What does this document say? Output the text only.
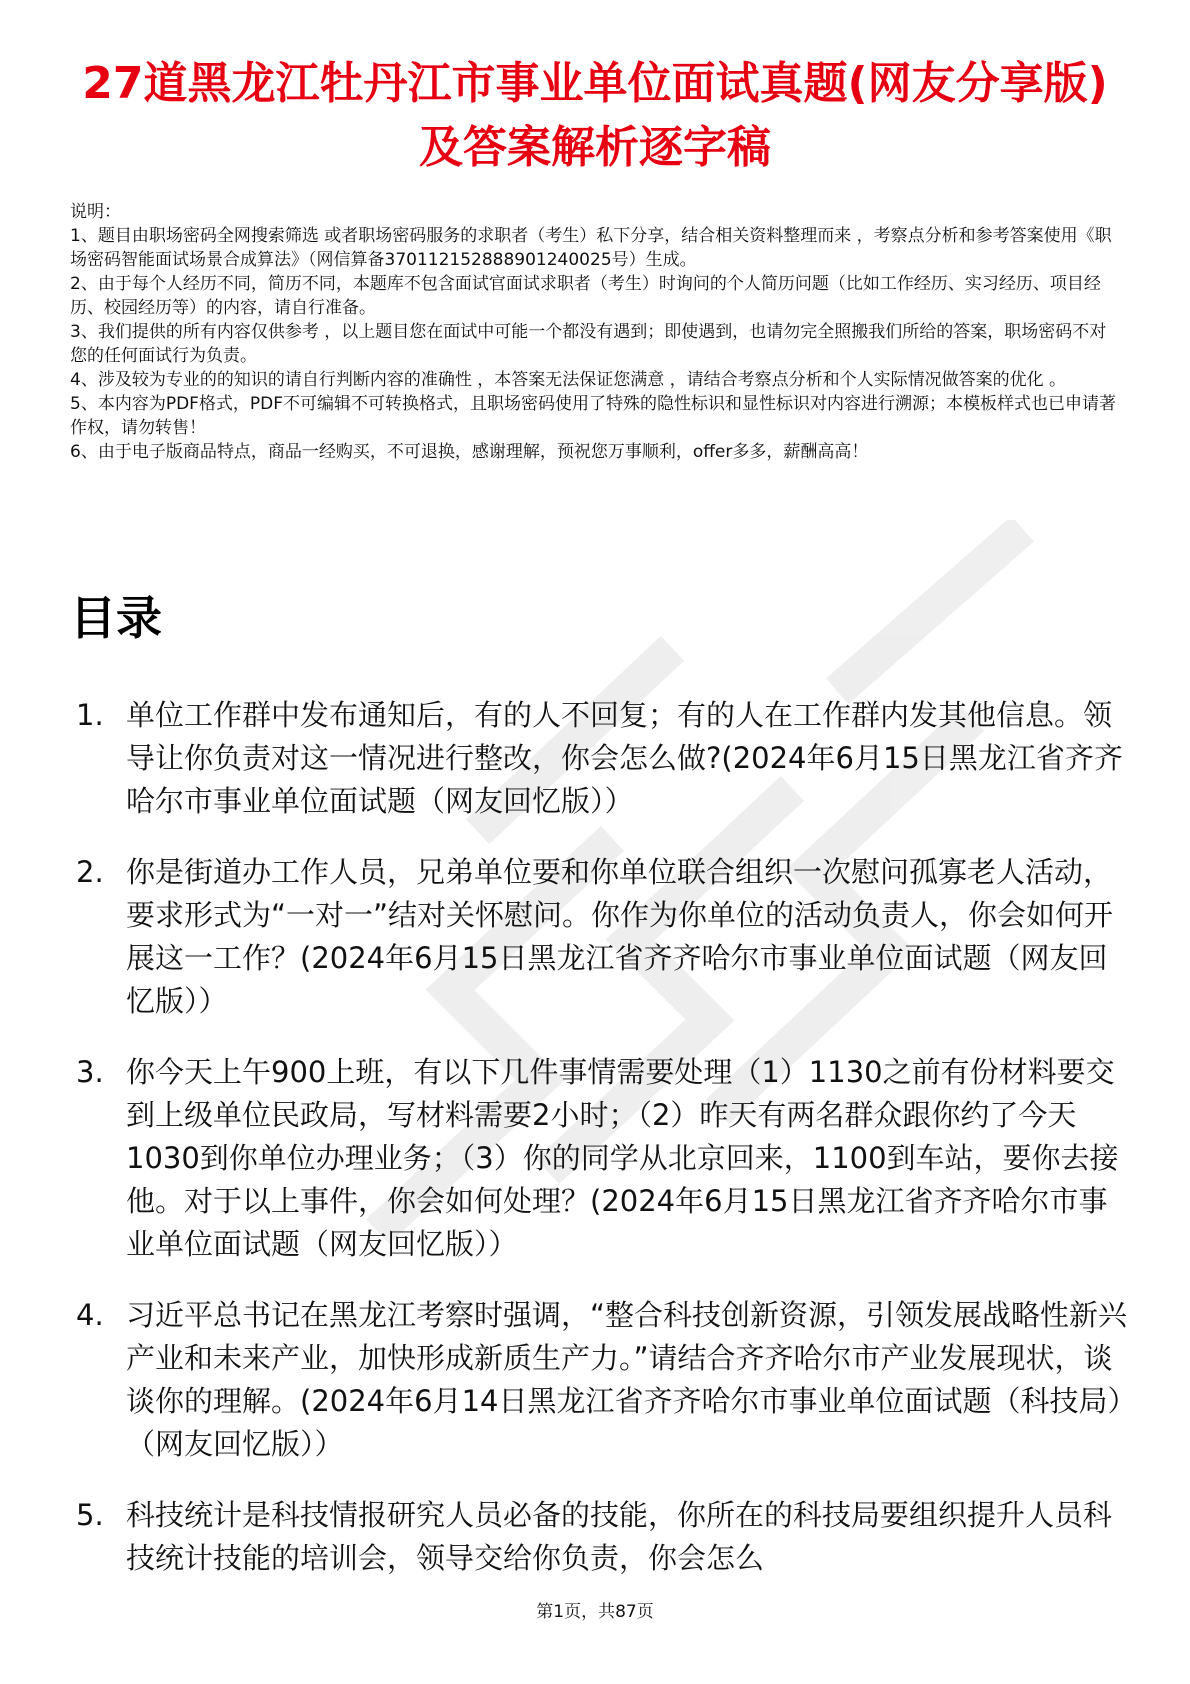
27道黑龙江牡丹江市事业单位面试真题(网友分享版)及答案解析逐字稿

说明：

1、题目由职场密码全网搜索筛选 或者职场密码服务的求职者（考生）私下分享，结合相关资料整理而来 ，考察点分析和参考答案使用《职场密码智能面试场景合成算法》（网信算备370112152888901240025号）生成。

2、由于每个人经历不同，简历不同，本题库不包含面试官面试求职者（考生）时询问的个人简历问题（比如工作经历、实习经历、项目经历、校园经历等）的内容，请自行准备。

3、我们提供的所有内容仅供参考 ，以上题目您在面试中可能一个都没有遇到；即使遇到，也请勿完全照搬我们所给的答案，职场密码不对您的任何面试行为负责。

4、涉及较为专业的的知识的请自行判断内容的准确性 ，本答案无法保证您满意 ，请结合考察点分析和个人实际情况做答案的优化 。

5、本内容为PDF格式，PDF不可编辑不可转换格式，且职场密码使用了特殊的隐性标识和显性标识对内容进行溯源；本模板样式也已申请著作权，请勿转售！

6、由于电子版商品特点，商品一经购买，不可退换，感谢理解，预祝您万事顺利，offer多多，薪酬高高！

目录
1. 单位工作群中发布通知后，有的人不回复；有的人在工作群内发其他信息。领导让你负责对这一情况进行整改，你会怎么做?(2024年6月15日黑龙江省齐齐哈尔市事业单位面试题（网友回忆版））
2. 你是街道办工作人员，兄弟单位要和你单位联合组织一次慰问孤寡老人活动，要求形式为“一对一”结对关怀慰问。你作为你单位的活动负责人，你会如何开展这一工作？(2024年6月15日黑龙江省齐齐哈尔市事业单位面试题（网友回忆版））
3. 你今天上午900上班，有以下几件事情需要处理（1）1130之前有份材料要交到上级单位民政局，写材料需要2小时；（2）昨天有两名群众跟你约了今天1030到你单位办理业务；（3）你的同学从北京回来，1100到车站，要你去接他。对于以上事件，你会如何处理？(2024年6月15日黑龙江省齐齐哈尔市事业单位面试题（网友回忆版））
4. 习近平总书记在黑龙江考察时强调，“整合科技创新资源，引领发展战略性新兴产业和未来产业，加快形成新质生产力。”请结合齐齐哈尔市产业发展现状，谈谈你的理解。(2024年6月14日黑龙江省齐齐哈尔市事业单位面试题（科技局）（网友回忆版））
5. 科技统计是科技情报研究人员必备的技能，你所在的科技局要组织提升人员科技统计技能的培训会，领导交给你负责，你会怎么
第1页，共87页
